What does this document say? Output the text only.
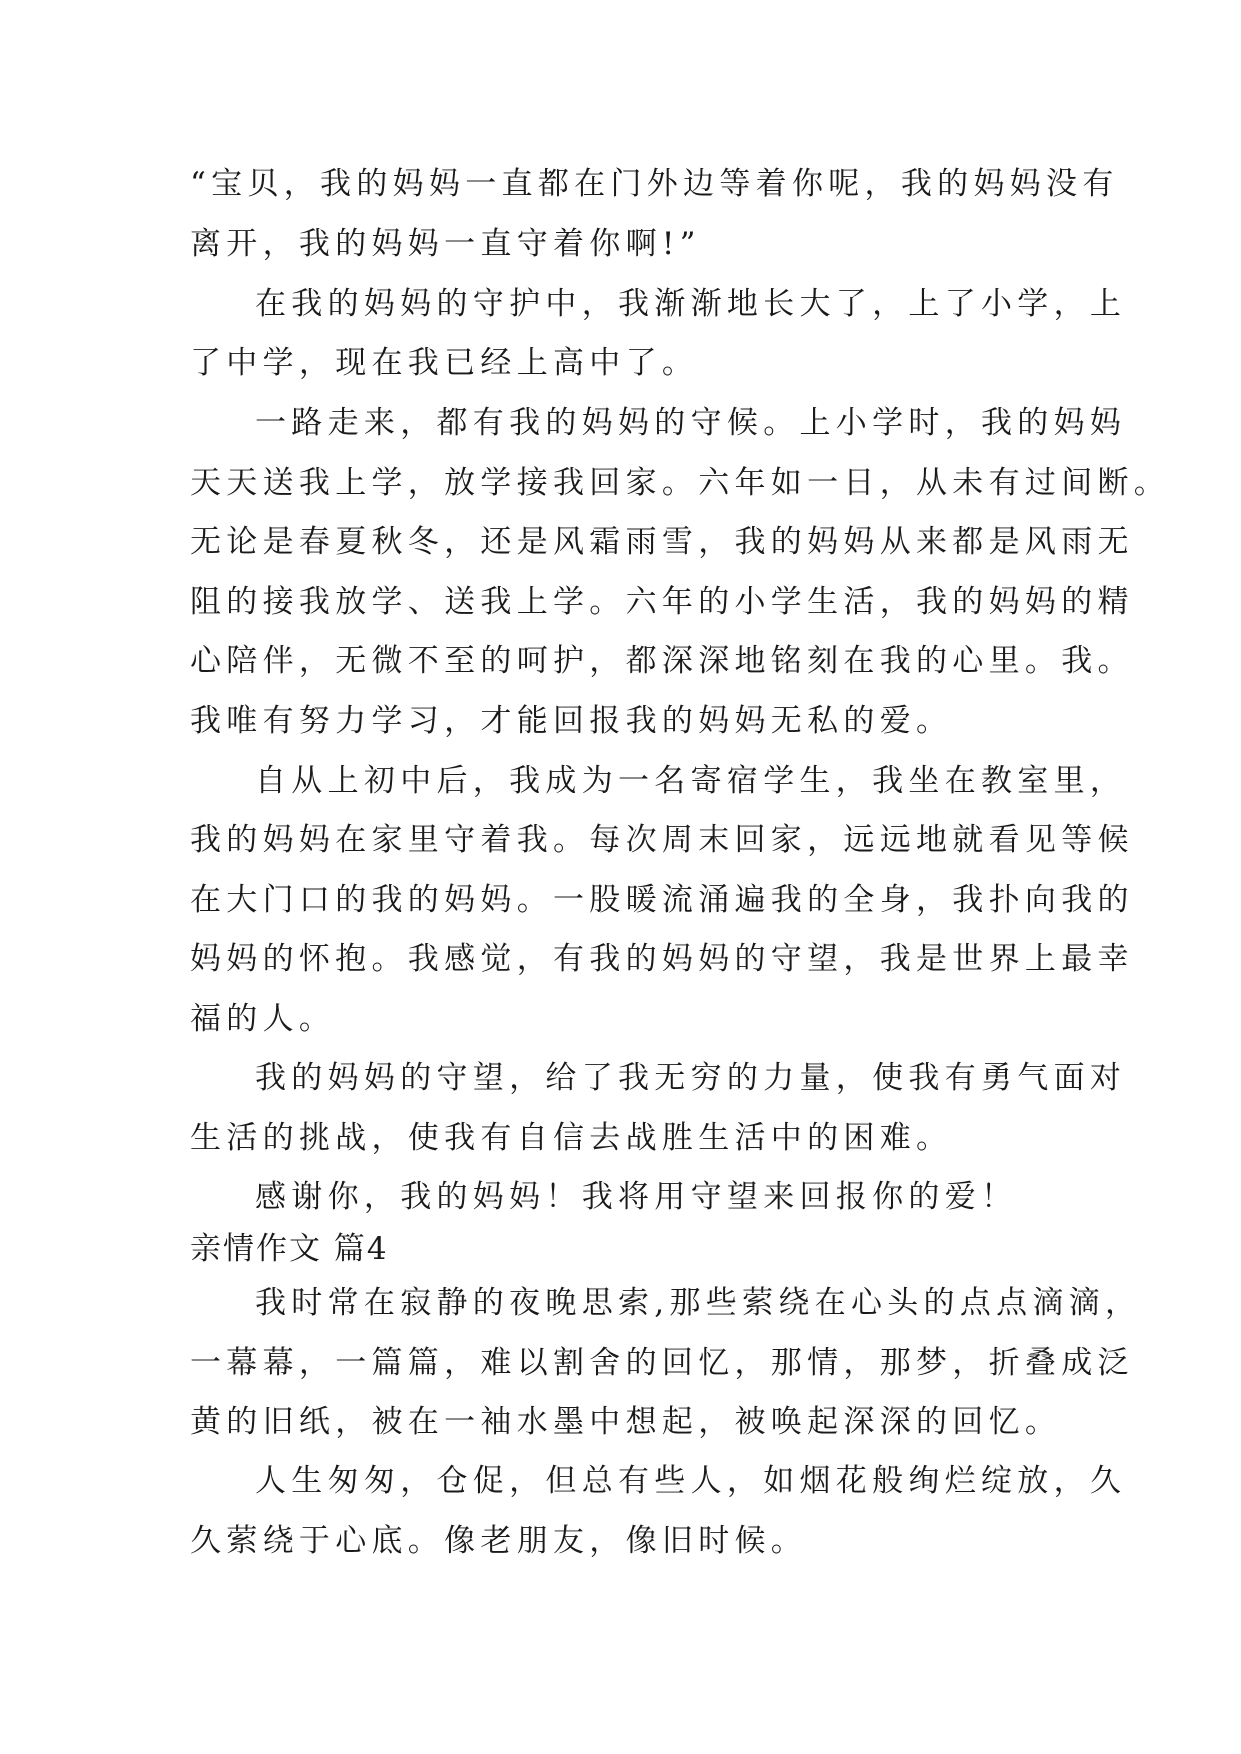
“宝贝，我的妈妈一直都在门外边等着你呢，我的妈妈没有
离开，我的妈妈一直守着你啊!”
在我的妈妈的守护中，我渐渐地长大了，上了小学，上
了中学，现在我已经上高中了。
一路走来，都有我的妈妈的守候。上小学时，我的妈妈
天天送我上学，放学接我回家。六年如一日，从未有过间断。
无论是春夏秋冬，还是风霜雨雪，我的妈妈从来都是风雨无
阻的接我放学、送我上学。六年的小学生活，我的妈妈的精
心陪伴，无微不至的呵护，都深深地铭刻在我的心里。我。
我唯有努力学习，才能回报我的妈妈无私的爱。
自从上初中后，我成为一名寄宿学生，我坐在教室里，
我的妈妈在家里守着我。每次周末回家，远远地就看见等候
在大门口的我的妈妈。一股暖流涌遍我的全身，我扑向我的
妈妈的怀抱。我感觉，有我的妈妈的守望，我是世界上最幸
福的人。
我的妈妈的守望，给了我无穷的力量，使我有勇气面对
生活的挑战，使我有自信去战胜生活中的困难。
感谢你，我的妈妈！我将用守望来回报你的爱！
亲情作文 篇4
我时常在寂静的夜晚思索,那些萦绕在心头的点点滴滴，
一幕幕，一篇篇，难以割舍的回忆，那情，那梦，折叠成泛
黄的旧纸，被在一袖水墨中想起，被唤起深深的回忆。
人生匆匆，仓促，但总有些人，如烟花般绚烂绽放，久
久萦绕于心底。像老朋友，像旧时候。
